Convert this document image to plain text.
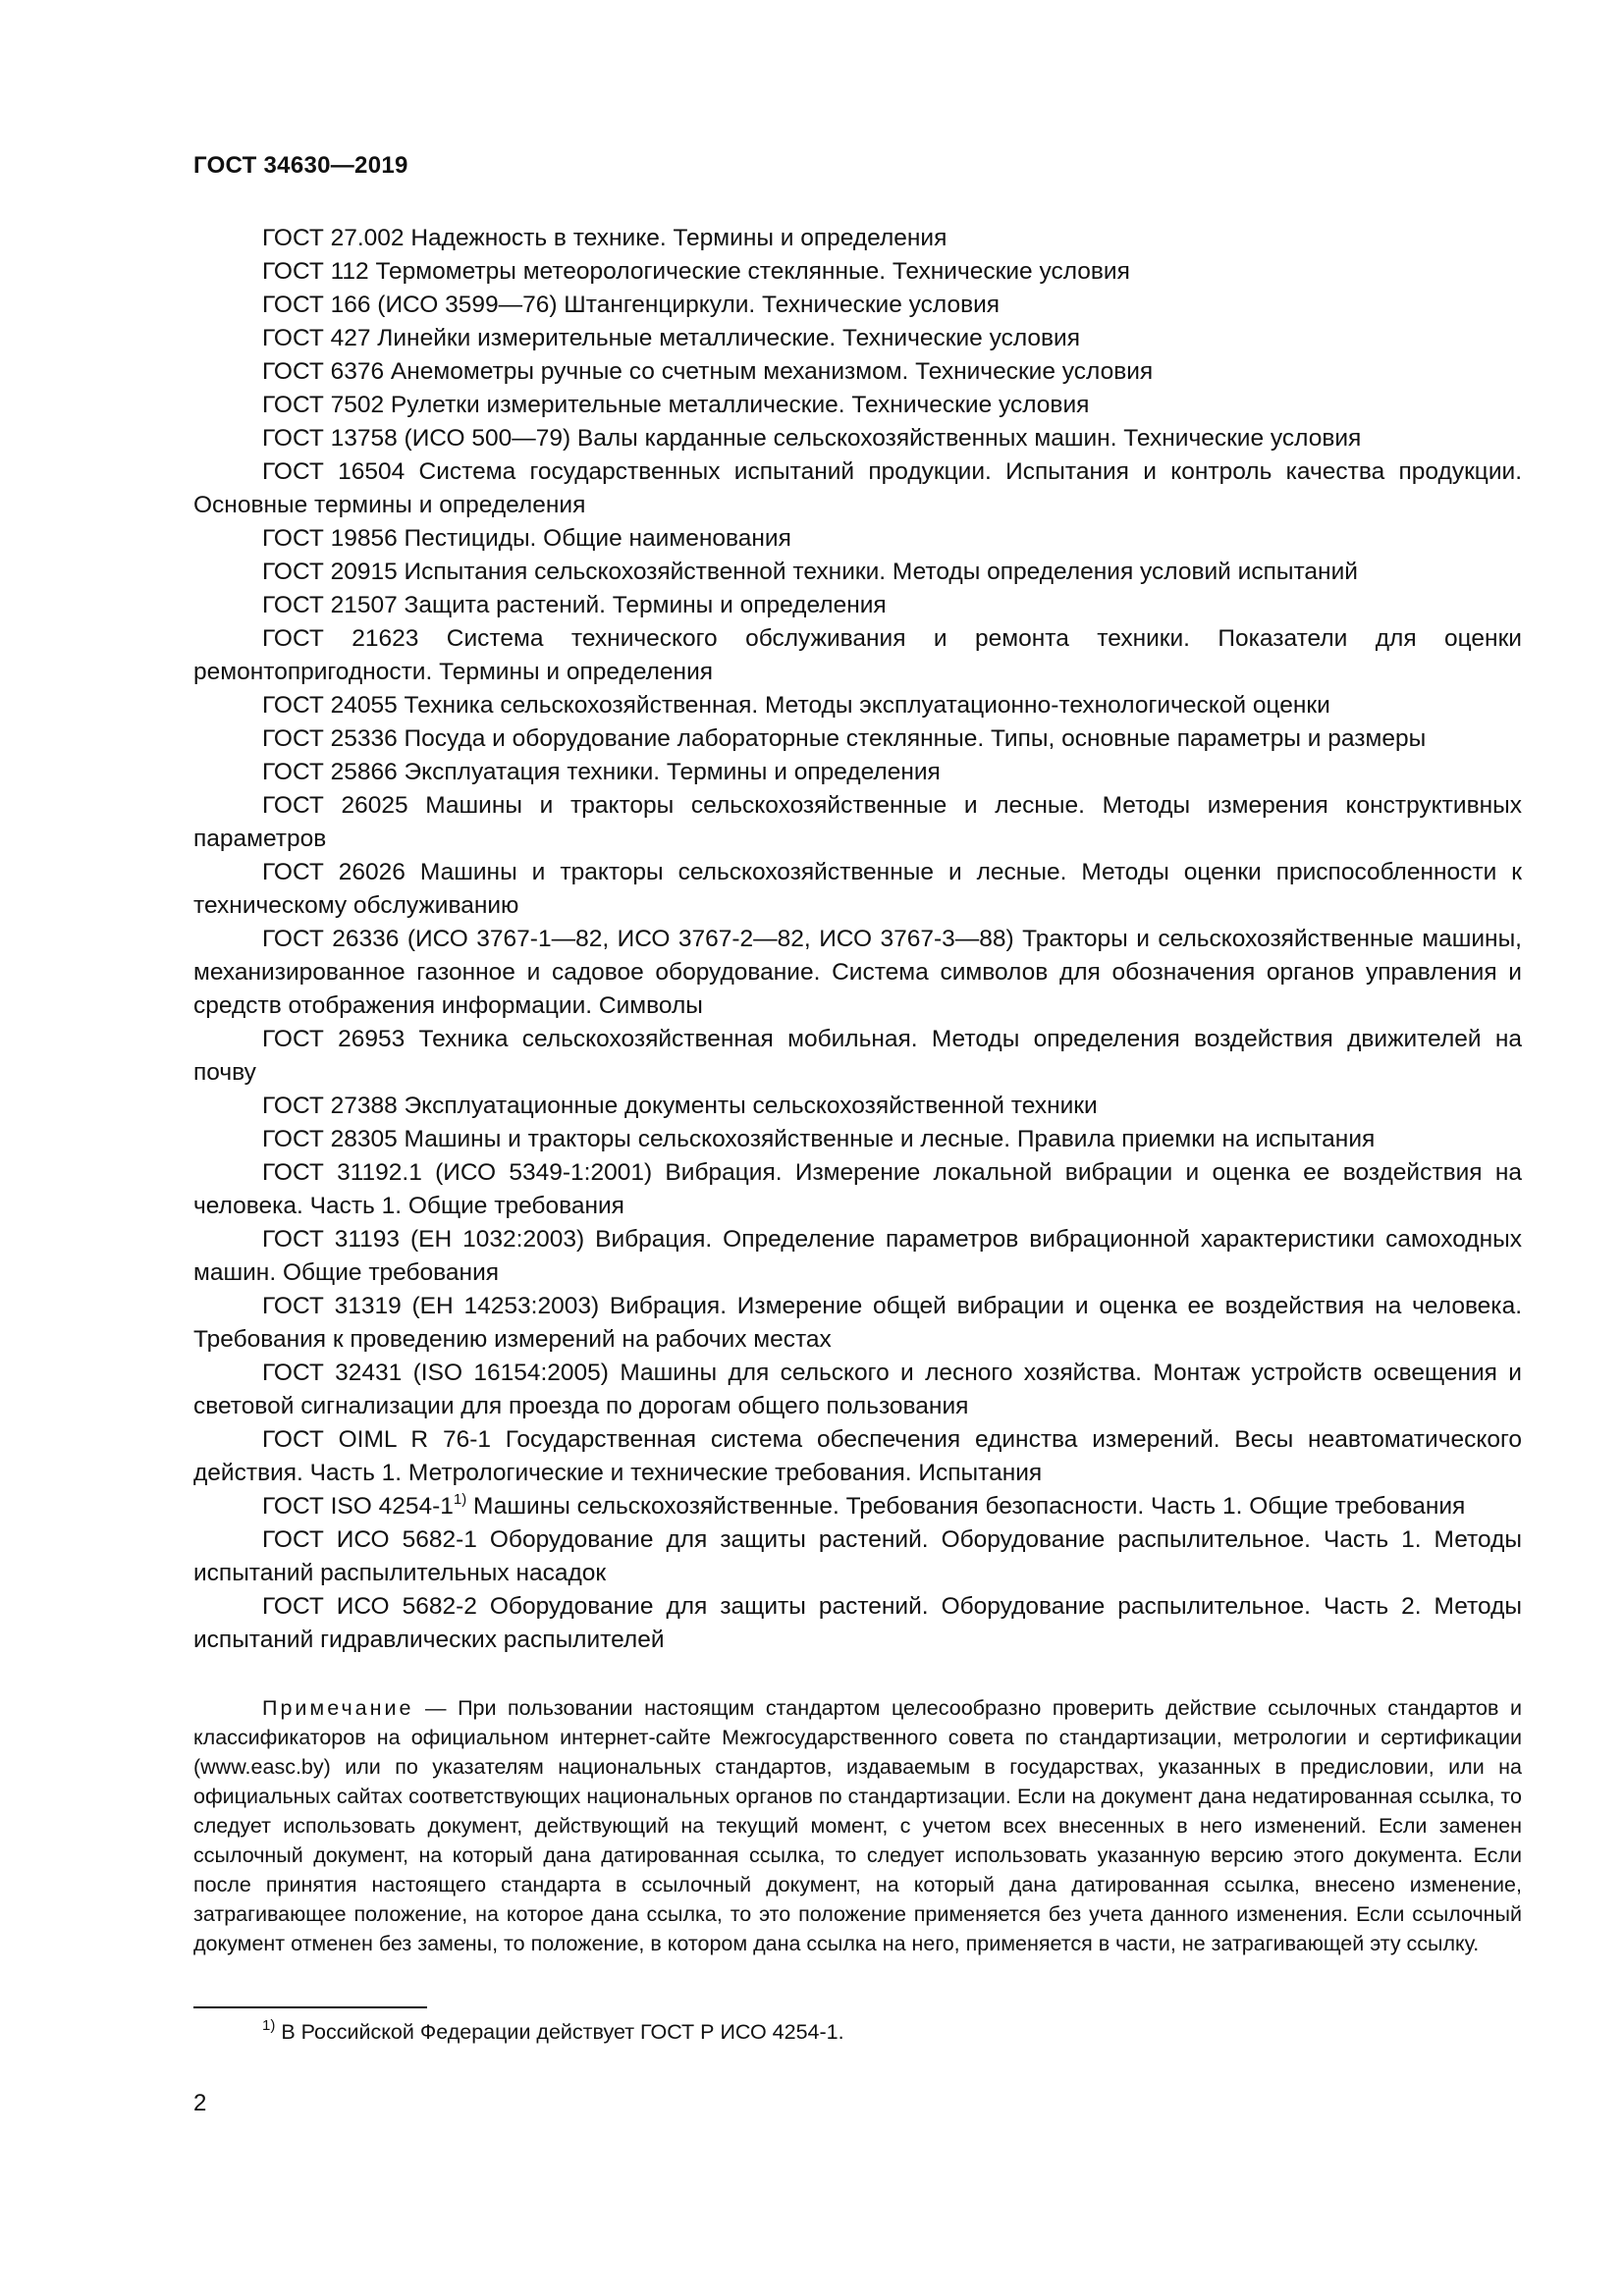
ГОСТ 34630—2019
ГОСТ 27.002 Надежность в технике. Термины и определения
ГОСТ 112 Термометры метеорологические стеклянные. Технические условия
ГОСТ 166 (ИСО 3599—76) Штангенциркули. Технические условия
ГОСТ 427 Линейки измерительные металлические. Технические условия
ГОСТ 6376 Анемометры ручные со счетным механизмом. Технические условия
ГОСТ 7502 Рулетки измерительные металлические. Технические условия
ГОСТ 13758 (ИСО 500—79) Валы карданные сельскохозяйственных машин. Технические условия
ГОСТ 16504 Система государственных испытаний продукции. Испытания и контроль качества продукции. Основные термины и определения
ГОСТ 19856 Пестициды. Общие наименования
ГОСТ 20915 Испытания сельскохозяйственной техники. Методы определения условий испытаний
ГОСТ 21507 Защита растений. Термины и определения
ГОСТ 21623 Система технического обслуживания и ремонта техники. Показатели для оценки ремонтопригодности. Термины и определения
ГОСТ 24055 Техника сельскохозяйственная. Методы эксплуатационно-технологической оценки
ГОСТ 25336 Посуда и оборудование лабораторные стеклянные. Типы, основные параметры и размеры
ГОСТ 25866 Эксплуатация техники. Термины и определения
ГОСТ 26025 Машины и тракторы сельскохозяйственные и лесные. Методы измерения конструктивных параметров
ГОСТ 26026 Машины и тракторы сельскохозяйственные и лесные. Методы оценки приспособленности к техническому обслуживанию
ГОСТ 26336 (ИСО 3767-1—82, ИСО 3767-2—82, ИСО 3767-3—88) Тракторы и сельскохозяйственные машины, механизированное газонное и садовое оборудование. Система символов для обозначения органов управления и средств отображения информации. Символы
ГОСТ 26953 Техника сельскохозяйственная мобильная. Методы определения воздействия движителей на почву
ГОСТ 27388 Эксплуатационные документы сельскохозяйственной техники
ГОСТ 28305 Машины и тракторы сельскохозяйственные и лесные. Правила приемки на испытания
ГОСТ 31192.1 (ИСО 5349-1:2001) Вибрация. Измерение локальной вибрации и оценка ее воздействия на человека. Часть 1. Общие требования
ГОСТ 31193 (ЕН 1032:2003) Вибрация. Определение параметров вибрационной характеристики самоходных машин. Общие требования
ГОСТ 31319 (ЕН 14253:2003) Вибрация. Измерение общей вибрации и оценка ее воздействия на человека. Требования к проведению измерений на рабочих местах
ГОСТ 32431 (ISO 16154:2005) Машины для сельского и лесного хозяйства. Монтаж устройств освещения и световой сигнализации для проезда по дорогам общего пользования
ГОСТ OIML R 76-1 Государственная система обеспечения единства измерений. Весы неавтоматического действия. Часть 1. Метрологические и технические требования. Испытания
ГОСТ ISO 4254-1$^{1)}$ Машины сельскохозяйственные. Требования безопасности. Часть 1. Общие требования
ГОСТ ИСО 5682-1 Оборудование для защиты растений. Оборудование распылительное. Часть 1. Методы испытаний распылительных насадок
ГОСТ ИСО 5682-2 Оборудование для защиты растений. Оборудование распылительное. Часть 2. Методы испытаний гидравлических распылителей

Примечание — При пользовании настоящим стандартом целесообразно проверить действие ссылочных стандартов и классификаторов на официальном интернет-сайте Межгосударственного совета по стандартизации, метрологии и сертификации (www.easc.by) или по указателям национальных стандартов, издаваемым в государствах, указанных в предисловии, или на официальных сайтах соответствующих национальных органов по стандартизации. Если на документ дана недатированная ссылка, то следует использовать документ, действующий на текущий момент, с учетом всех внесенных в него изменений. Если заменен ссылочный документ, на который дана датированная ссылка, то следует использовать указанную версию этого документа. Если после принятия настоящего стандарта в ссылочный документ, на который дана датированная ссылка, внесено изменение, затрагивающее положение, на которое дана ссылка, то это положение применяется без учета данного изменения. Если ссылочный документ отменен без замены, то положение, в котором дана ссылка на него, применяется в части, не затрагивающей эту ссылку.

$^{1)}$ В Российской Федерации действует ГОСТ Р ИСО 4254-1.

2
